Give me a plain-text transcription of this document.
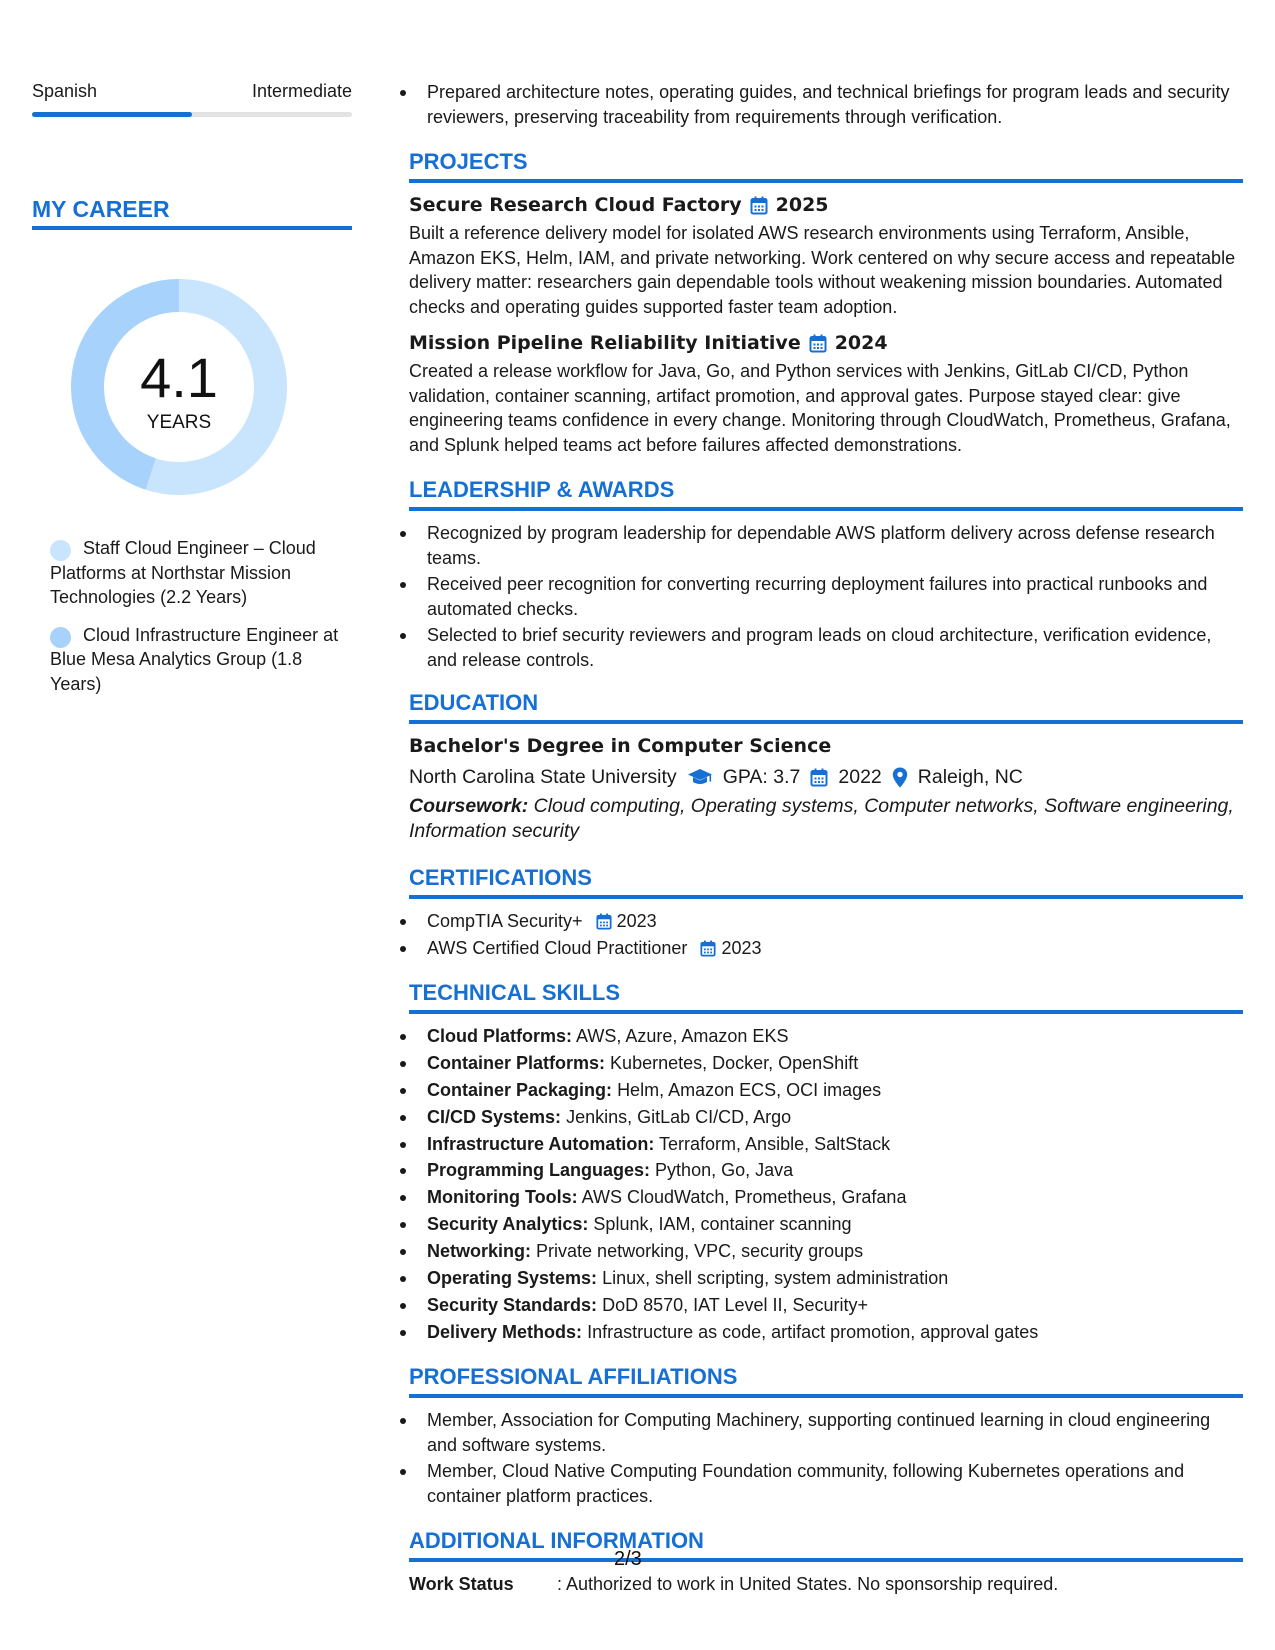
Spanish	Intermediate
MY CAREER
4.1
YEARS
Staff Cloud Engineer – Cloud Platforms at Northstar Mission Technologies (2.2 Years)
Cloud Infrastructure Engineer at Blue Mesa Analytics Group (1.8 Years)
Prepared architecture notes, operating guides, and technical briefings for program leads and security reviewers, preserving traceability from requirements through verification.
PROJECTS
Secure Research Cloud Factory 2025
Built a reference delivery model for isolated AWS research environments using Terraform, Ansible, Amazon EKS, Helm, IAM, and private networking. Work centered on why secure access and repeatable delivery matter: researchers gain dependable tools without weakening mission boundaries. Automated checks and operating guides supported faster team adoption.
Mission Pipeline Reliability Initiative 2024
Created a release workflow for Java, Go, and Python services with Jenkins, GitLab CI/CD, Python validation, container scanning, artifact promotion, and approval gates. Purpose stayed clear: give engineering teams confidence in every change. Monitoring through CloudWatch, Prometheus, Grafana, and Splunk helped teams act before failures affected demonstrations.
LEADERSHIP & AWARDS
Recognized by program leadership for dependable AWS platform delivery across defense research teams.
Received peer recognition for converting recurring deployment failures into practical runbooks and automated checks.
Selected to brief security reviewers and program leads on cloud architecture, verification evidence, and release controls.
EDUCATION
Bachelor's Degree in Computer Science
North Carolina State University GPA: 3.7 2022 Raleigh, NC
Coursework: Cloud computing, Operating systems, Computer networks, Software engineering, Information security
CERTIFICATIONS
CompTIA Security+ 2023
AWS Certified Cloud Practitioner 2023
TECHNICAL SKILLS
Cloud Platforms: AWS, Azure, Amazon EKS
Container Platforms: Kubernetes, Docker, OpenShift
Container Packaging: Helm, Amazon ECS, OCI images
CI/CD Systems: Jenkins, GitLab CI/CD, Argo
Infrastructure Automation: Terraform, Ansible, SaltStack
Programming Languages: Python, Go, Java
Monitoring Tools: AWS CloudWatch, Prometheus, Grafana
Security Analytics: Splunk, IAM, container scanning
Networking: Private networking, VPC, security groups
Operating Systems: Linux, shell scripting, system administration
Security Standards: DoD 8570, IAT Level II, Security+
Delivery Methods: Infrastructure as code, artifact promotion, approval gates
PROFESSIONAL AFFILIATIONS
Member, Association for Computing Machinery, supporting continued learning in cloud engineering and software systems.
Member, Cloud Native Computing Foundation community, following Kubernetes operations and container platform practices.
ADDITIONAL INFORMATION
Work Status	: Authorized to work in United States. No sponsorship required.
2/3
